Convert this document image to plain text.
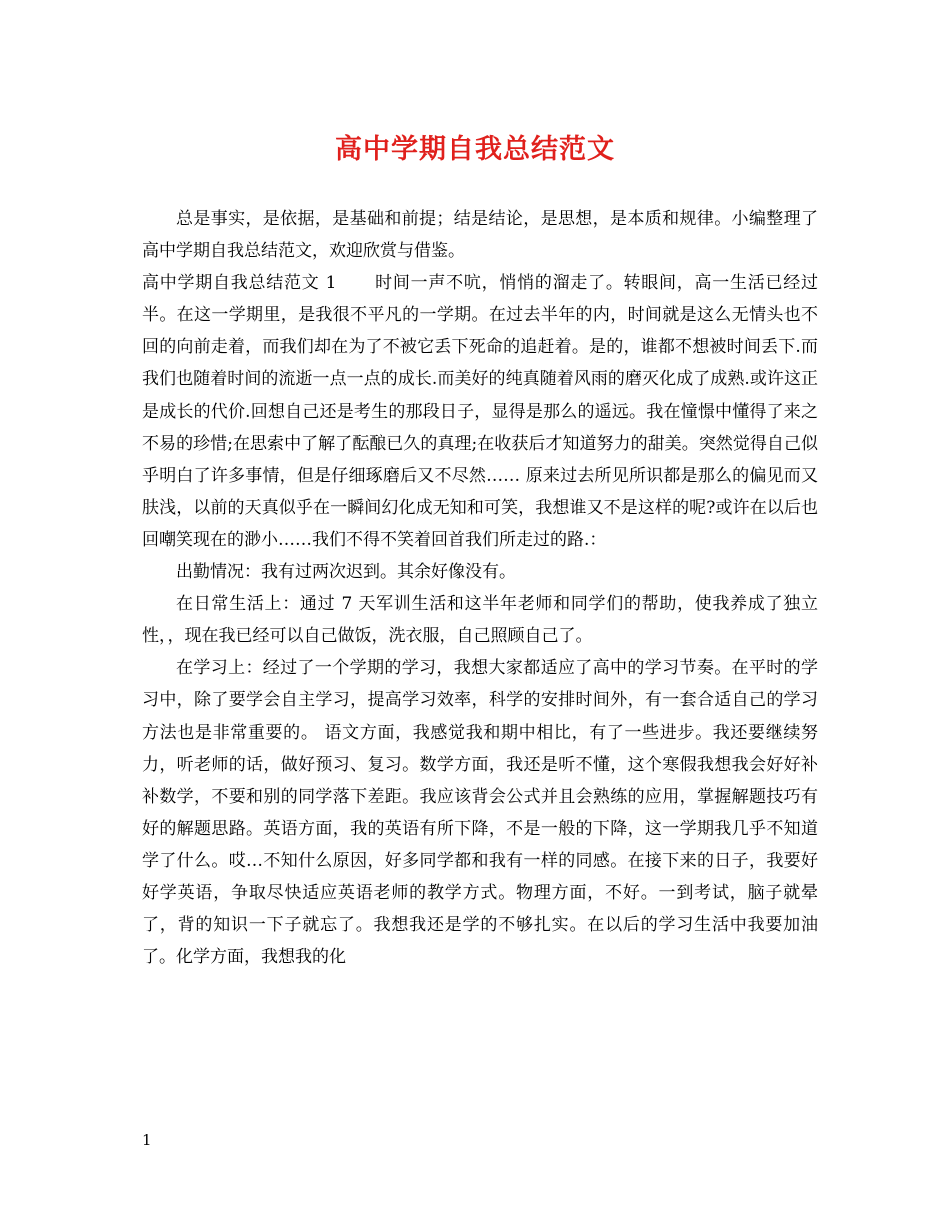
高中学期自我总结范文

总是事实，是依据，是基础和前提；结是结论，是思想，是本质和规律。小编整理了高中学期自我总结范文，欢迎欣赏与借鉴。

高中学期自我总结范文 1 时间一声不吭，悄悄的溜走了。转眼间，高一生活已经过半。在这一学期里，是我很不平凡的一学期。在过去半年的内，时间就是这么无情头也不回的向前走着，而我们却在为了不被它丢下死命的追赶着。是的，谁都不想被时间丢下.而我们也随着时间的流逝一点一点的成长.而美好的纯真随着风雨的磨灭化成了成熟.或许这正是成长的代价.回想自己还是考生的那段日子，显得是那么的遥远。我在憧憬中懂得了来之不易的珍惜;在思索中了解了酝酿已久的真理;在收获后才知道努力的甜美。突然觉得自己似乎明白了许多事情，但是仔细琢磨后又不尽然…… 原来过去所见所识都是那么的偏见而又肤浅，以前的天真似乎在一瞬间幻化成无知和可笑，我想谁又不是这样的呢?或许在以后也回嘲笑现在的渺小……我们不得不笑着回首我们所走过的路.：

出勤情况：我有过两次迟到。其余好像没有。

在日常生活上：通过 7 天军训生活和这半年老师和同学们的帮助，使我养成了独立性，，现在我已经可以自己做饭，洗衣服，自己照顾自己了。

在学习上：经过了一个学期的学习，我想大家都适应了高中的学习节奏。在平时的学习中，除了要学会自主学习，提高学习效率，科学的安排时间外，有一套合适自己的学习方法也是非常重要的。 语文方面，我感觉我和期中相比，有了一些进步。我还要继续努力，听老师的话，做好预习、复习。数学方面，我还是听不懂，这个寒假我想我会好好补补数学，不要和别的同学落下差距。我应该背会公式并且会熟练的应用，掌握解题技巧有好的解题思路。英语方面，我的英语有所下降，不是一般的下降，这一学期我几乎不知道学了什么。哎…不知什么原因，好多同学都和我有一样的同感。在接下来的日子，我要好好学英语，争取尽快适应英语老师的教学方式。物理方面，不好。一到考试，脑子就晕了，背的知识一下子就忘了。我想我还是学的不够扎实。在以后的学习生活中我要加油了。化学方面，我想我的化

1
